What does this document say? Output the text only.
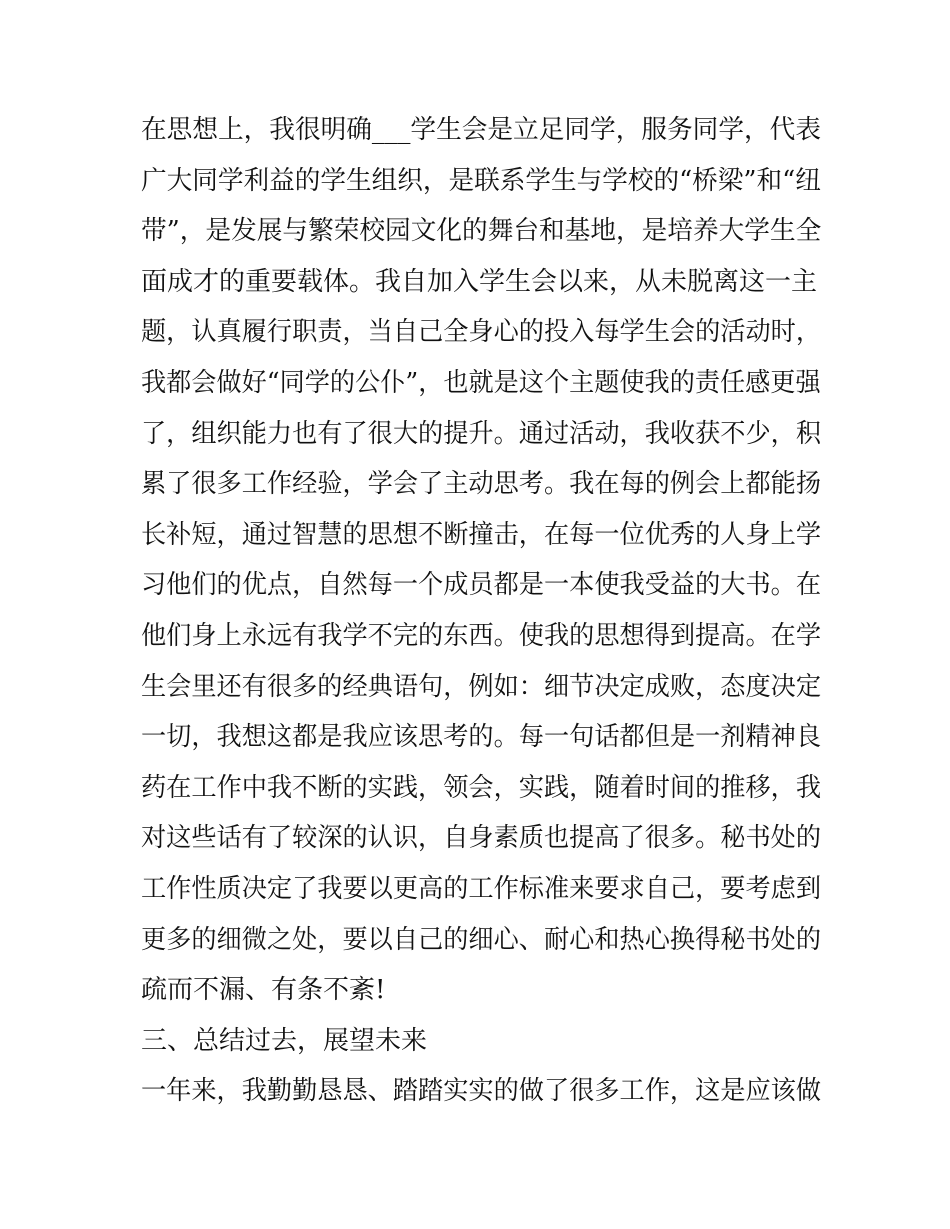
在思想上，我很明确___学生会是立足同学，服务同学，代表
广大同学利益的学生组织，是联系学生与学校的“桥梁”和“纽
带”，是发展与繁荣校园文化的舞台和基地，是培养大学生全
面成才的重要载体。我自加入学生会以来，从未脱离这一主
题，认真履行职责，当自己全身心的投入每学生会的活动时，
我都会做好“同学的公仆”，也就是这个主题使我的责任感更强
了，组织能力也有了很大的提升。通过活动，我收获不少，积
累了很多工作经验，学会了主动思考。我在每的例会上都能扬
长补短，通过智慧的思想不断撞击，在每一位优秀的人身上学
习他们的优点，自然每一个成员都是一本使我受益的大书。在
他们身上永远有我学不完的东西。使我的思想得到提高。在学
生会里还有很多的经典语句，例如：细节决定成败，态度决定
一切，我想这都是我应该思考的。每一句话都但是一剂精神良
药在工作中我不断的实践，领会，实践，随着时间的推移，我
对这些话有了较深的认识，自身素质也提高了很多。秘书处的
工作性质决定了我要以更高的工作标准来要求自己，要考虑到
更多的细微之处，要以自己的细心、耐心和热心换得秘书处的
疏而不漏、有条不紊!
三、总结过去，展望未来
一年来，我勤勤恳恳、踏踏实实的做了很多工作，这是应该做
